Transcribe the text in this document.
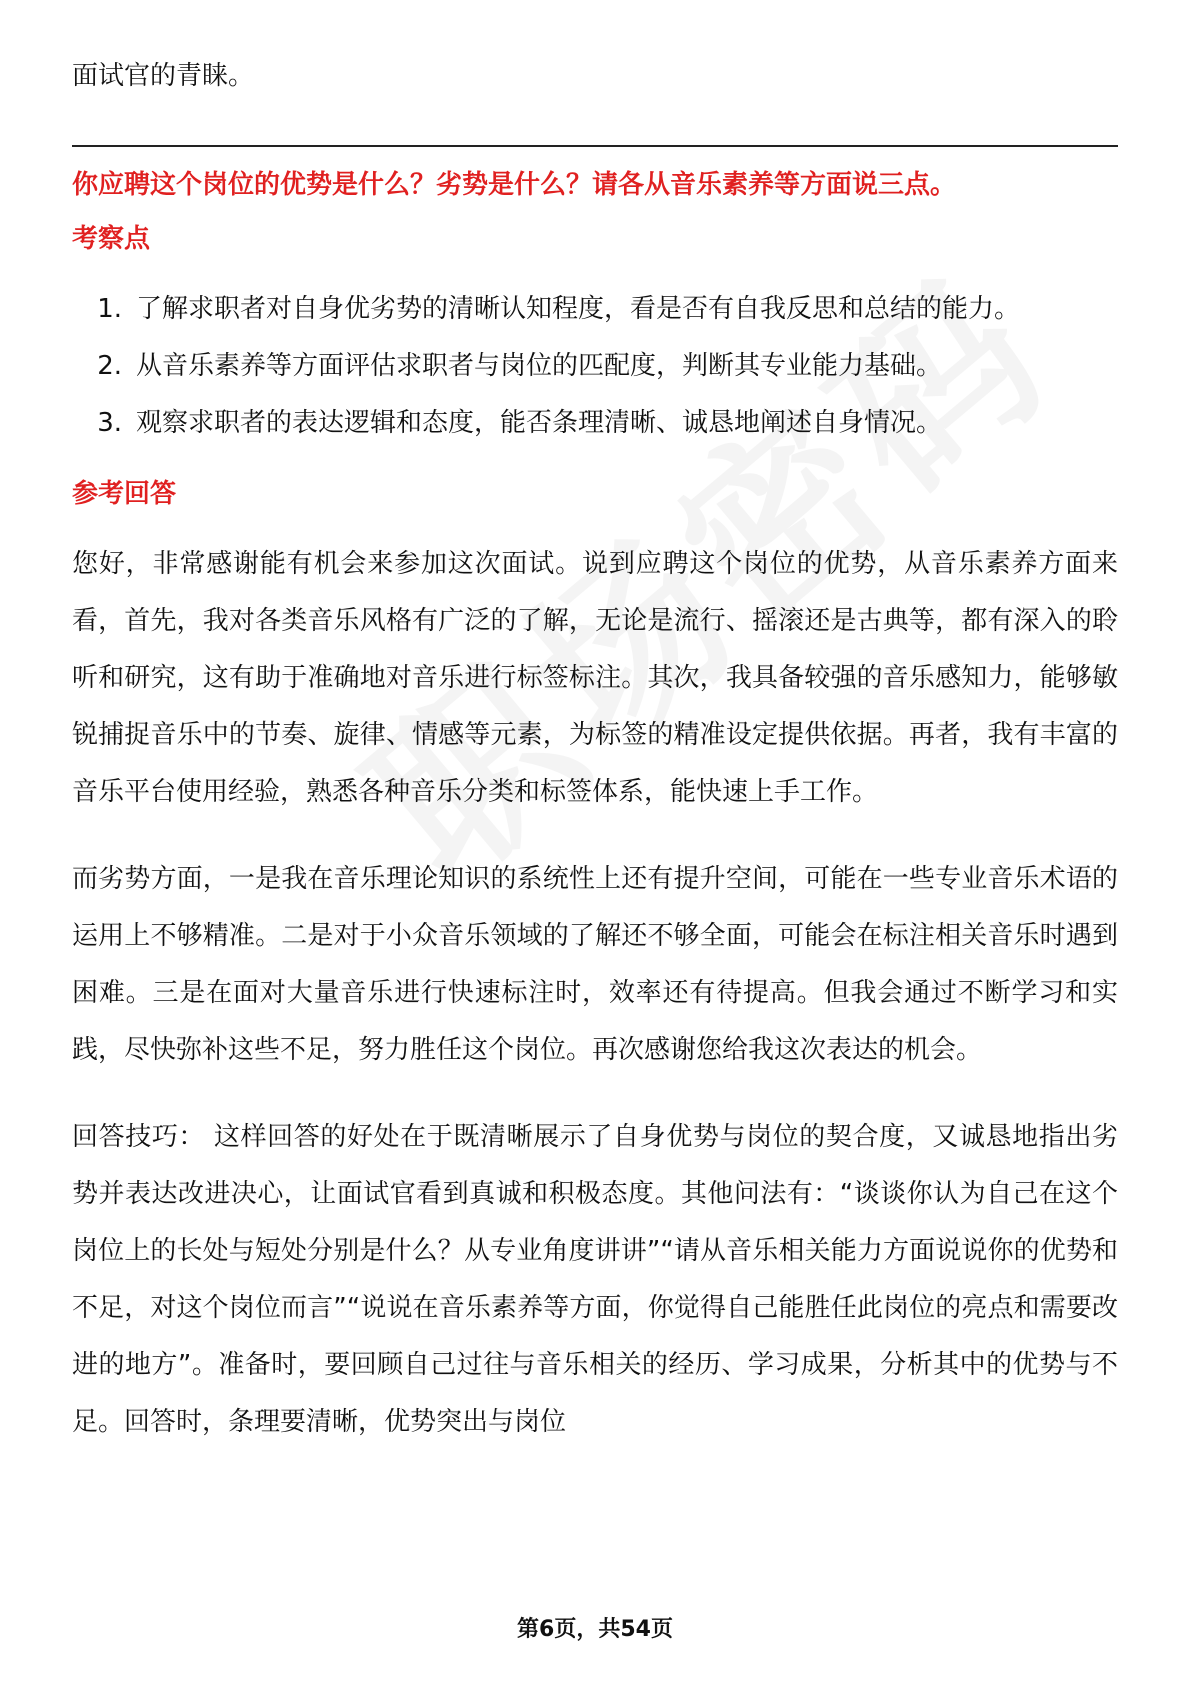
面试官的青睐。

你应聘这个岗位的优势是什么？劣势是什么？请各从音乐素养等方面说三点。
考察点
1. 了解求职者对自身优劣势的清晰认知程度，看是否有自我反思和总结的能力。
2. 从音乐素养等方面评估求职者与岗位的匹配度，判断其专业能力基础。
3. 观察求职者的表达逻辑和态度，能否条理清晰、诚恳地阐述自身情况。
参考回答

您好，非常感谢能有机会来参加这次面试。说到应聘这个岗位的优势，从音乐素养方面来看，首先，我对各类音乐风格有广泛的了解，无论是流行、摇滚还是古典等，都有深入的聆听和研究，这有助于准确地对音乐进行标签标注。其次，我具备较强的音乐感知力，能够敏锐捕捉音乐中的节奏、旋律、情感等元素，为标签的精准设定提供依据。再者，我有丰富的音乐平台使用经验，熟悉各种音乐分类和标签体系，能快速上手工作。

而劣势方面，一是我在音乐理论知识的系统性上还有提升空间，可能在一些专业音乐术语的运用上不够精准。二是对于小众音乐领域的了解还不够全面，可能会在标注相关音乐时遇到困难。三是在面对大量音乐进行快速标注时，效率还有待提高。但我会通过不断学习和实践，尽快弥补这些不足，努力胜任这个岗位。再次感谢您给我这次表达的机会。

回答技巧： 这样回答的好处在于既清晰展示了自身优势与岗位的契合度，又诚恳地指出劣势并表达改进决心，让面试官看到真诚和积极态度。其他问法有：“谈谈你认为自己在这个岗位上的长处与短处分别是什么？从专业角度讲讲”“请从音乐相关能力方面说说你的优势和不足，对这个岗位而言”“说说在音乐素养等方面，你觉得自己能胜任此岗位的亮点和需要改进的地方”。准备时，要回顾自己过往与音乐相关的经历、学习成果，分析其中的优势与不足。回答时，条理要清晰，优势突出与岗位

第6页，共54页
